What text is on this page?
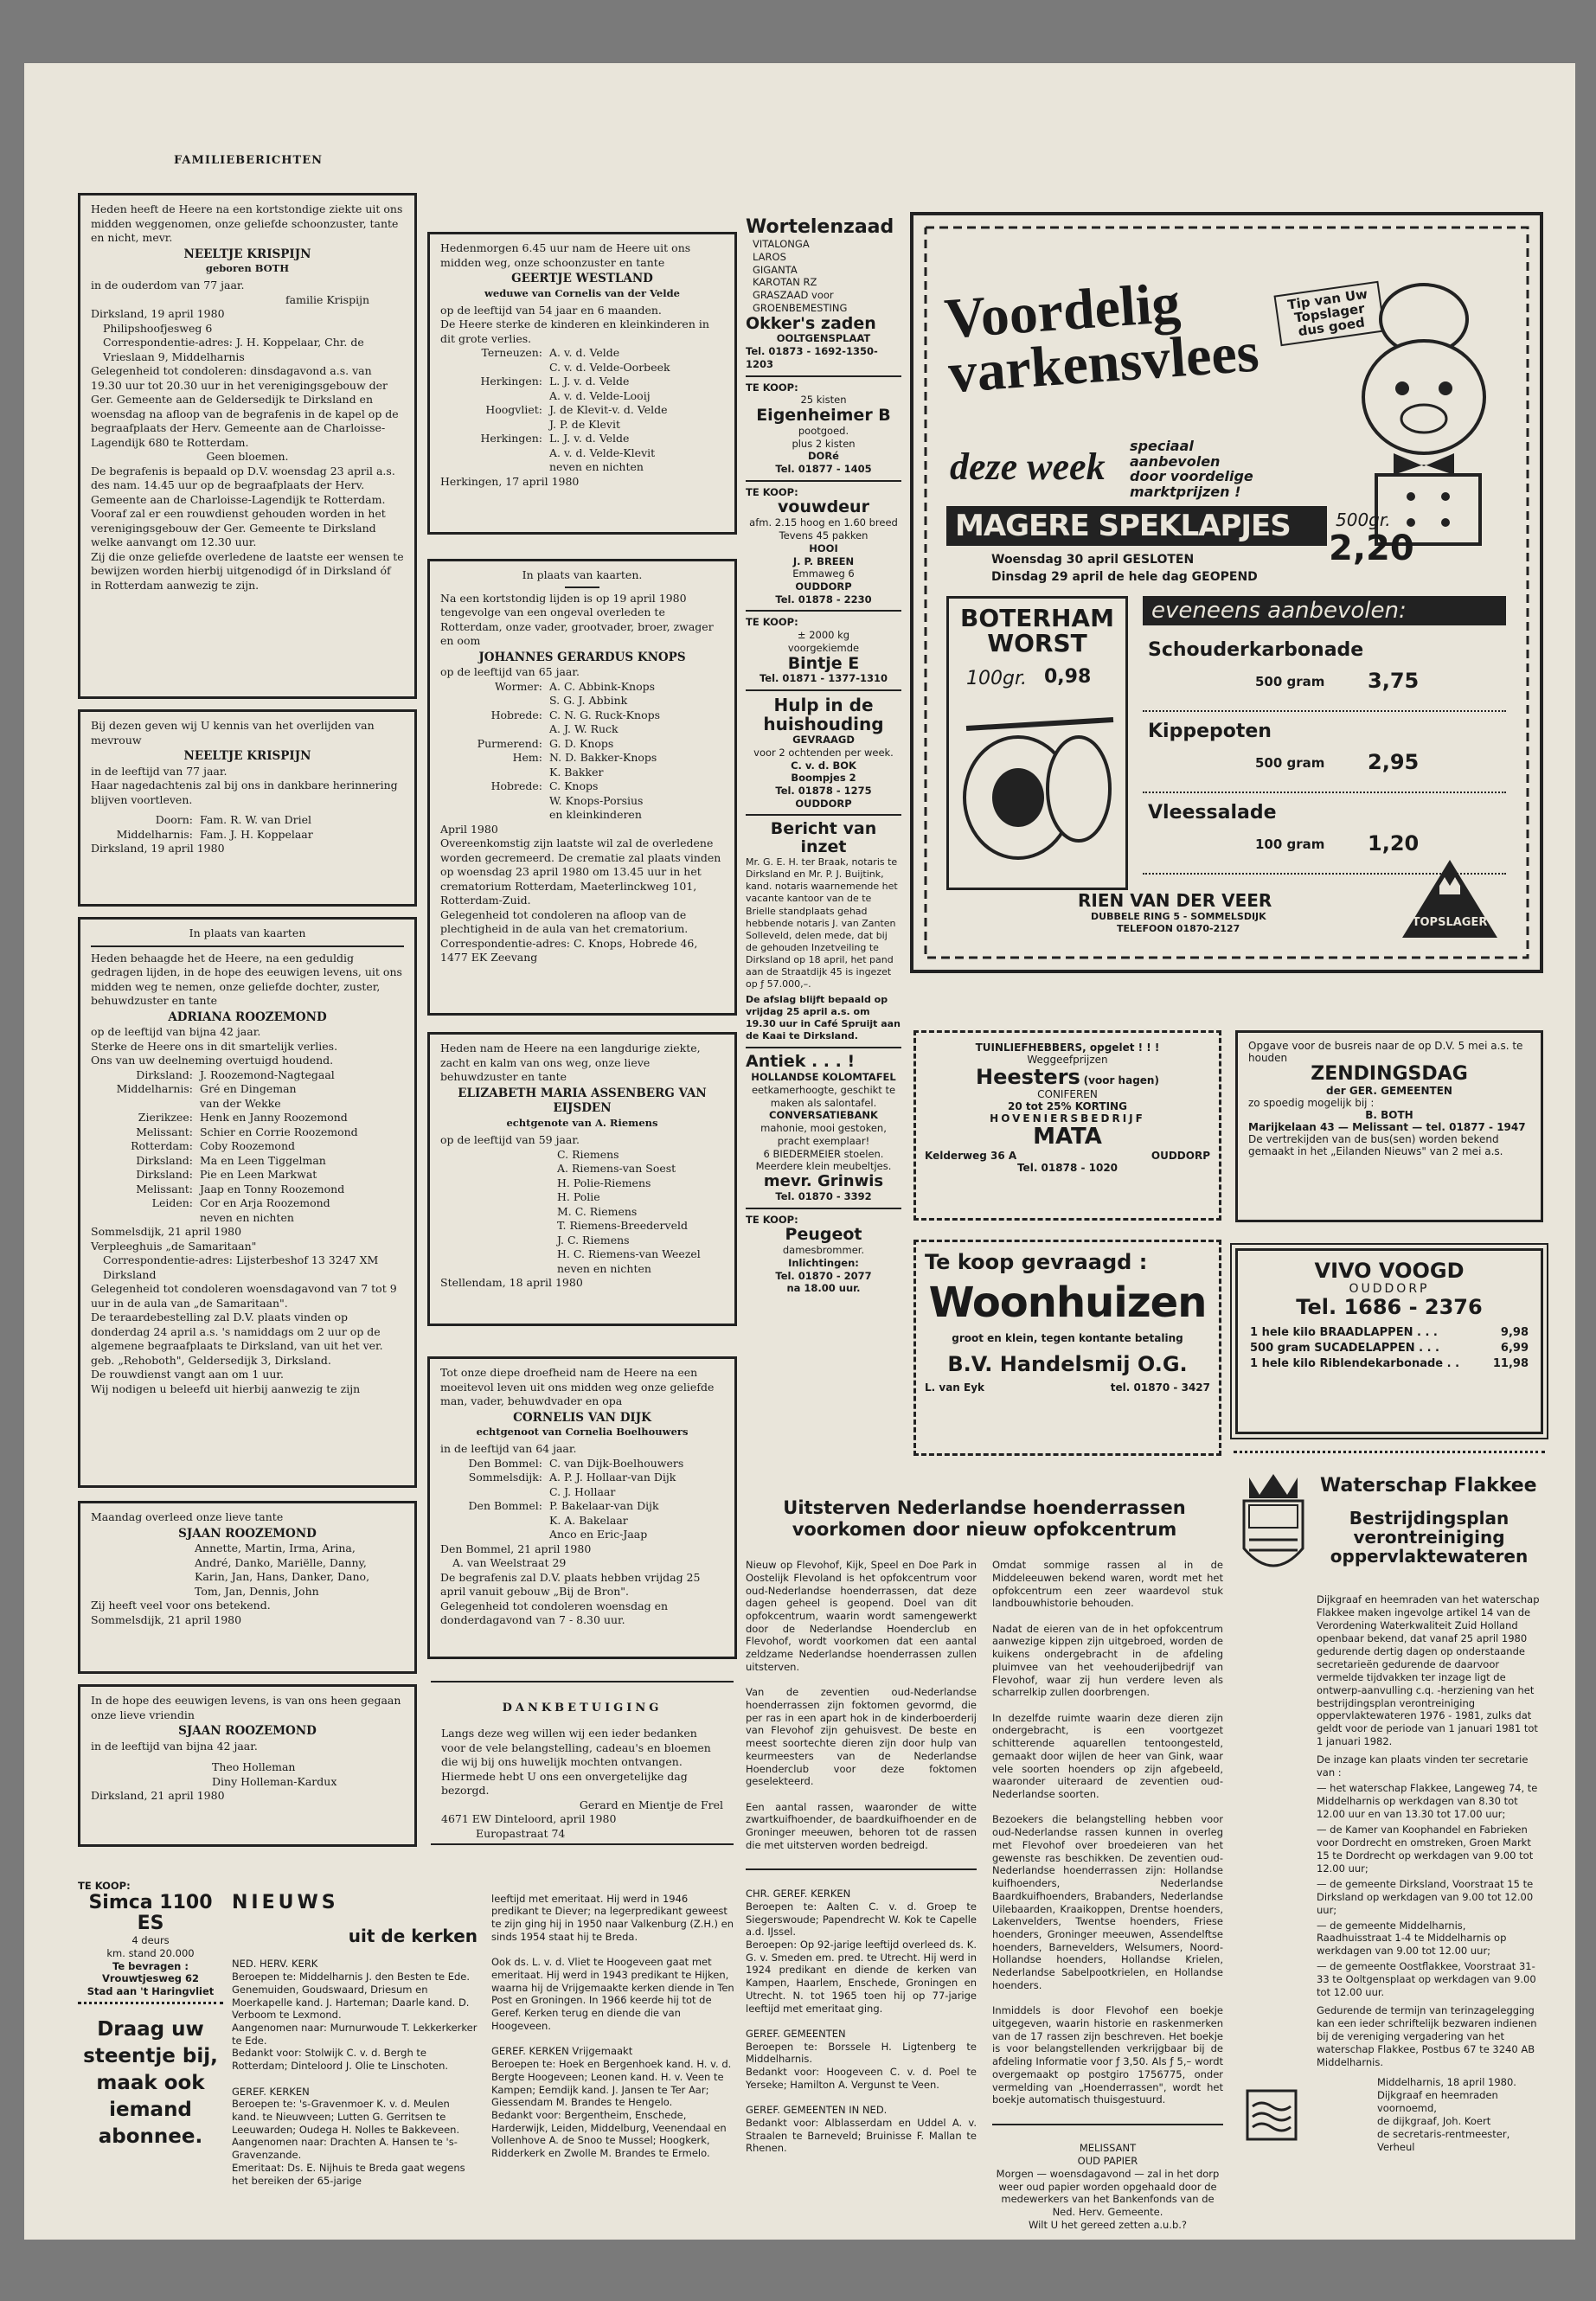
FAMILIEBERICHTEN

Heden heeft de Heere na een kortstondige ziekte uit ons midden weggenomen, onze geliefde schoonzuster, tante en nicht, mevr.

NEELTJE KRISPIJN

geboren BOTH

in de ouderdom van 77 jaar.

familie Krispijn

Dirksland, 19 april 1980

Philipshoofjesweg 6

Correspondentie-adres: J. H. Koppelaar, Chr. de Vrieslaan 9, Middelharnis

Gelegenheid tot condoleren: dinsdagavond a.s. van 19.30 uur tot 20.30 uur in het verenigingsgebouw der Ger. Gemeente aan de Geldersedijk te Dirksland en woensdag na afloop van de begrafenis in de kapel op de begraafplaats der Herv. Gemeente aan de Charloisse-Lagendijk 680 te Rotterdam.

Geen bloemen.

De begrafenis is bepaald op D.V. woensdag 23 april a.s. des nam. 14.45 uur op de begraafplaats der Herv. Gemeente aan de Charloisse-Lagendijk te Rotterdam. Vooraf zal er een rouwdienst gehouden worden in het verenigingsgebouw der Ger. Gemeente te Dirksland welke aanvangt om 12.30 uur.

Zij die onze geliefde overledene de laatste eer wensen te bewijzen worden hierbij uitgenodigd óf in Dirksland óf in Rotterdam aanwezig te zijn.

Bij dezen geven wij U kennis van het overlijden van mevrouw

NEELTJE KRISPIJN

in de leeftijd van 77 jaar.

Haar nagedachtenis zal bij ons in dankbare herinnering blijven voortleven.

Doorn: Fam. R. W. van Driel
Middelharnis: Fam. J. H. Koppelaar

Dirksland, 19 april 1980

In plaats van kaarten

Heden behaagde het de Heere, na een geduldig gedragen lijden, in de hope des eeuwigen levens, uit ons midden weg te nemen, onze geliefde dochter, zuster, behuwdzuster en tante

ADRIANA ROOZEMOND

op de leeftijd van bijna 42 jaar.

Sterke de Heere ons in dit smartelijk verlies.

Ons van uw deelneming overtuigd houdend.

Dirksland: J. Roozemond-Nagtegaal
Middelharnis: Gré en Dingeman
van der Wekke
Zierikzee: Henk en Janny Roozemond
Melissant: Schier en Corrie Roozemond
Rotterdam: Coby Roozemond
Dirksland: Ma en Leen Tiggelman
Dirksland: Pie en Leen Markwat
Melissant: Jaap en Tonny Roozemond
Leiden: Cor en Arja Roozemond
neven en nichten

Sommelsdijk, 21 april 1980

Verpleeghuis „de Samaritaan"

Correspondentie-adres: Lijsterbeshof 13 3247 XM Dirksland

Gelegenheid tot condoleren woensdagavond van 7 tot 9 uur in de aula van „de Samaritaan".

De teraardebestelling zal D.V. plaats vinden op donderdag 24 april a.s. 's namiddags om 2 uur op de algemene begraafplaats te Dirksland, van uit het ver. geb. „Rehoboth", Geldersedijk 3, Dirksland.

De rouwdienst vangt aan om 1 uur.

Wij nodigen u beleefd uit hierbij aanwezig te zijn

Maandag overleed onze lieve tante

SJAAN ROOZEMOND

Annette, Martin, Irma, Arina, André, Danko, Mariëlle, Danny, Karin, Jan, Hans, Danker, Dano, Tom, Jan, Dennis, John

Zij heeft veel voor ons betekend.

Sommelsdijk, 21 april 1980

In de hope des eeuwigen levens, is van ons heen gegaan onze lieve vriendin

SJAAN ROOZEMOND

in de leeftijd van bijna 42 jaar.

Theo Holleman

Diny Holleman-Kardux

Dirksland, 21 april 1980

Hedenmorgen 6.45 uur nam de Heere uit ons midden weg, onze schoonzuster en tante

GEERTJE WESTLAND

weduwe van Cornelis van der Velde

op de leeftijd van 54 jaar en 6 maanden.

De Heere sterke de kinderen en kleinkinderen in dit grote verlies.

Terneuzen: A. v. d. Velde
C. v. d. Velde-Oorbeek
Herkingen: L. J. v. d. Velde
A. v. d. Velde-Looij
Hoogvliet: J. de Klevit-v. d. Velde
J. P. de Klevit
Herkingen: L. J. v. d. Velde
A. v. d. Velde-Klevit
neven en nichten

Herkingen, 17 april 1980

In plaats van kaarten.

Na een kortstondig lijden is op 19 april 1980 tengevolge van een ongeval overleden te Rotterdam, onze vader, grootvader, broer, zwager en oom

JOHANNES GERARDUS KNOPS

op de leeftijd van 65 jaar.

Wormer: A. C. Abbink-Knops
S. G. J. Abbink
Hobrede: C. N. G. Ruck-Knops
A. J. W. Ruck
Purmerend: G. D. Knops
Hem: N. D. Bakker-Knops
K. Bakker
Hobrede: C. Knops
W. Knops-Porsius
en kleinkinderen

April 1980

Overeenkomstig zijn laatste wil zal de overledene worden gecremeerd. De crematie zal plaats vinden op woensdag 23 april 1980 om 13.45 uur in het crematorium Rotterdam, Maeterlinckweg 101, Rotterdam-Zuid.

Gelegenheid tot condoleren na afloop van de plechtigheid in de aula van het crematorium.

Correspondentie-adres: C. Knops, Hobrede 46, 1477 EK Zeevang

Heden nam de Heere na een langdurige ziekte, zacht en kalm van ons weg, onze lieve behuwdzuster en tante

ELIZABETH MARIA ASSENBERG VAN EIJSDEN

echtgenote van A. Riemens

op de leeftijd van 59 jaar.

C. Riemens
A. Riemens-van Soest
H. Polie-Riemens
H. Polie
M. C. Riemens
T. Riemens-Breederveld
J. C. Riemens
H. C. Riemens-van Weezel
neven en nichten

Stellendam, 18 april 1980

Tot onze diepe droefheid nam de Heere na een moeitevol leven uit ons midden weg onze geliefde man, vader, behuwdvader en opa

CORNELIS VAN DIJK

echtgenoot van Cornelia Boelhouwers

in de leeftijd van 64 jaar.

Den Bommel: C. van Dijk-Boelhouwers
Sommelsdijk: A. P. J. Hollaar-van Dijk
C. J. Hollaar
Den Bommel: P. Bakelaar-van Dijk
K. A. Bakelaar
Anco en Eric-Jaap

Den Bommel, 21 april 1980

A. van Weelstraat 29

De begrafenis zal D.V. plaats hebben vrijdag 25 april vanuit gebouw „Bij de Bron".

Gelegenheid tot condoleren woensdag en donderdagavond van 7 - 8.30 uur.

DANKBETUIGING

Langs deze weg willen wij een ieder bedanken voor de vele belangstelling, cadeau's en bloemen die wij bij ons huwelijk mochten ontvangen.

Hiermede hebt U ons een onvergetelijke dag bezorgd.

Gerard en Mientje de Frel

4671 EW Dinteloord, april 1980

Europastraat 74

Wortelenzaad
VITALONGA
LAROS
GIGANTA
KAROTAN RZ
GRASZAAD voor
GROENBEMESTING
Okker's zaden
OOLTGENSPLAAT
Tel. 01873 - 1692-1350-1203
TE KOOP:
25 kisten
Eigenheimer B
pootgoed.
plus 2 kisten
DORé
Tel. 01877 - 1405
TE KOOP:
vouwdeur
afm. 2.15 hoog en 1.60 breed
Tevens 45 pakken
HOOI
J. P. BREEN
Emmaweg 6
OUDDORP
Tel. 01878 - 2230
TE KOOP:
± 2000 kg
voorgekiemde
Bintje E
Tel. 01871 - 1377-1310
Hulp in de huishouding
GEVRAAGD
voor 2 ochtenden per week.
C. v. d. BOK
Boompjes 2
Tel. 01878 - 1275
OUDDORP
Bericht van inzet
Mr. G. E. H. ter Braak, notaris te Dirksland en Mr. P. J. Buijtink, kand. notaris waarnemende het vacante kantoor van de te Brielle standplaats gehad hebbende notaris J. van Zanten Solleveld, delen mede, dat bij de gehouden Inzetveiling te Dirksland op 18 april, het pand aan de Straatdijk 45 is ingezet op ƒ 57.000,–.
De afslag blijft bepaald op vrijdag 25 april a.s. om 19.30 uur in Café Spruijt aan de Kaai te Dirksland.
Antiek . . . !
HOLLANDSE KOLOMTAFEL
eetkamerhoogte, geschikt te maken als salontafel.
CONVERSATIEBANK
mahonie, mooi gestoken, pracht exemplaar!
6 BIEDERMEIER stoelen.
Meerdere klein meubeltjes.
mevr. Grinwis
Tel. 01870 - 3392
TE KOOP:
Peugeot
damesbrommer.
Inlichtingen:
Tel. 01870 - 2077
na 18.00 uur.
Voordelig varkensvlees
deze week speciaal aanbevolen door voordelige marktprijzen !
Tip van Uw Topslager dus goed
MAGERE SPEKLAPJES	500gr.
2,20
Woensdag 30 april GESLOTEN
Dinsdag 29 april de hele dag GEOPEND
BOTERHAM
WORST
100gr. 0,98
eveneens aanbevolen:
Schouderkarbonade
500 gram 3,75
Kippepoten
500 gram 2,95
Vleessalade
100 gram 1,20
RIEN VAN DER VEER
DUBBELE RING 5 - SOMMELSDIJK
TELEFOON 01870-2127	TOPSLAGER
TUINLIEFHEBBERS, opgelet ! ! !
Weggeefprijzen
Heesters (voor hagen)
CONIFEREN
20 tot 25% KORTING
HOVENIERSBEDRIJF
MATA
Kelderweg 36 A	OUDDORP
Tel. 01878 - 1020
Opgave voor de busreis naar de op D.V. 5 mei a.s. te houden
ZENDINGSDAG
der GER. GEMEENTEN
zo spoedig mogelijk bij :
B. BOTH
Marijkelaan 43 — Melissant — tel. 01877 - 1947
De vertrekijden van de bus(sen) worden bekend gemaakt in het „Eilanden Nieuws" van 2 mei a.s.
Te koop gevraagd :
Woonhuizen
groot en klein, tegen kontante betaling
B.V. Handelsmij O.G.
L. van Eyk	tel. 01870 - 3427
VIVO VOOGD
OUDDORP
Tel. 1686 - 2376
1 hele kilo BRAADLAPPEN . . .	9,98
500 gram SUCADELAPPEN . . .	6,99
1 hele kilo Riblendekarbonade . .	11,98
Waterschap Flakkee
Bestrijdingsplan verontreiniging oppervlaktewateren
Dijkgraaf en heemraden van het waterschap Flakkee maken ingevolge artikel 14 van de Verordening Waterkwaliteit Zuid Holland openbaar bekend, dat vanaf 25 april 1980 gedurende dertig dagen op onderstaande secretarieën gedurende de daarvoor vermelde tijdvakken ter inzage ligt de ontwerp-aanvulling c.q. -herziening van het bestrijdingsplan verontreiniging oppervlaktewateren 1976 - 1981, zulks dat geldt voor de periode van 1 januari 1981 tot 1 januari 1982.
De inzage kan plaats vinden ter secretarie van :
— het waterschap Flakkee, Langeweg 74, te Middelharnis op werkdagen van 8.30 tot 12.00 uur en van 13.30 tot 17.00 uur;
— de Kamer van Koophandel en Fabrieken voor Dordrecht en omstreken, Groen Markt 15 te Dordrecht op werkdagen van 9.00 tot 12.00 uur;
— de gemeente Dirksland, Voorstraat 15 te Dirksland op werkdagen van 9.00 tot 12.00 uur;
— de gemeente Middelharnis, Raadhuisstraat 1-4 te Middelharnis op werkdagen van 9.00 tot 12.00 uur;
— de gemeente Oostflakkee, Voorstraat 31-33 te Ooltgensplaat op werkdagen van 9.00 tot 12.00 uur.
Gedurende de termijn van terinzagelegging kan een ieder schriftelijk bezwaren indienen bij de vereniging vergadering van het waterschap Flakkee, Postbus 67 te 3240 AB Middelharnis.
Middelharnis, 18 april 1980.
Dijkgraaf en heemraden voornoemd,
de dijkgraaf, Joh. Koert
de secretaris-rentmeester, Verheul
Uitsterven Nederlandse hoenderrassen voorkomen door nieuw opfokcentrum

Nieuw op Flevohof, Kijk, Speel en Doe Park in Oostelijk Flevoland is het opfokcentrum voor oud-Nederlandse hoenderrassen, dat deze dagen geheel is geopend. Doel van dit opfokcentrum, waarin wordt samengewerkt door de Nederlandse Hoenderclub en Flevohof, wordt voorkomen dat een aantal zeldzame Nederlandse hoenderrassen zullen uitsterven.

Van de zeventien oud-Nederlandse hoenderrassen zijn foktomen gevormd, die per ras in een apart hok in de kinderboerderij van Flevohof zijn gehuisvest. De beste en meest soortechte dieren zijn door hulp van keurmeesters van de Nederlandse Hoenderclub voor deze foktomen geselekteerd.

Een aantal rassen, waaronder de witte zwartkuifhoender, de baardkuifhoender en de Groninger meeuwen, behoren tot de rassen die met uitsterven worden bedreigd.

CHR. GEREF. KERKEN
Beroepen te: Aalten C. v. d. Groep te Siegerswoude; Papendrecht W. Kok te Capelle a.d. IJssel.
Beroepen: Op 92-jarige leeftijd overleed ds. K. G. v. Smeden em. pred. te Utrecht. Hij werd in 1924 predikant en diende de kerken van Kampen, Haarlem, Enschede, Groningen en Utrecht. N. tot 1965 toen hij op 77-jarige leeftijd met emeritaat ging.

GEREF. GEMEENTEN
Beroepen te: Borssele H. Ligtenberg te Middelharnis.
Bedankt voor: Hoogeveen C. v. d. Poel te Yerseke; Hamilton A. Vergunst te Veen.

GEREF. GEMEENTEN IN NED.
Bedankt voor: Alblasserdam en Uddel A. v. Straalen te Barneveld; Bruinisse F. Mallan te Rhenen.

Omdat sommige rassen al in de Middeleeuwen bekend waren, wordt met het opfokcentrum een zeer waardevol stuk landbouwhistorie behouden.

Nadat de eieren van de in het opfokcentrum aanwezige kippen zijn uitgebroed, worden de kuikens ondergebracht in de afdeling pluimvee van het veehouderijbedrijf van Flevohof, waar zij hun verdere leven als scharrelkip zullen doorbrengen.

In dezelfde ruimte waarin deze dieren zijn ondergebracht, is een voortgezet schitterende aquarellen tentoongesteld, gemaakt door wijlen de heer van Gink, waar vele soorten hoenders op zijn afgebeeld, waaronder uiteraard de zeventien oud-Nederlandse soorten.

Bezoekers die belangstelling hebben voor oud-Nederlandse rassen kunnen in overleg met Flevohof over broedeieren van het gewenste ras beschikken. De zeventien oud-Nederlandse hoenderrassen zijn: Hollandse kuifhoenders, Nederlandse Baardkuifhoenders, Brabanders, Nederlandse Uilebaarden, Kraaikoppen, Drentse hoenders, Lakenvelders, Twentse hoenders, Friese hoenders, Groninger meeuwen, Assendelftse hoenders, Barnevelders, Welsumers, Noord-Hollandse hoenders, Hollandse Krielen, Nederlandse Sabelpootkrielen, en Hollandse hoenders.

Inmiddels is door Flevohof een boekje uitgegeven, waarin historie en raskenmerken van de 17 rassen zijn beschreven. Het boekje is voor belangstellenden verkrijgbaar bij de afdeling Informatie voor ƒ 3,50. Als ƒ 5,– wordt overgemaakt op postgiro 1756775, onder vermelding van „Hoenderrassen", wordt het boekje automatisch thuisgestuurd.

MELISSANT
OUD PAPIER
Morgen — woensdagavond — zal in het dorp weer oud papier worden opgehaald door de medewerkers van het Bankenfonds van de Ned. Herv. Gemeente.
Wilt U het gereed zetten a.u.b.?

TE KOOP:
Simca 1100 ES
4 deurs
km. stand 20.000
Te bevragen :
Vrouwtjesweg 62
Stad aan 't Haringvliet
Draag uw steentje bij, maak ook iemand abonnee.

NIEUWS

uit de kerken

NED. HERV. KERK
Beroepen te: Middelharnis J. den Besten te Ede. Genemuiden, Goudswaard, Driesum en Moerkapelle kand. J. Harteman; Daarle kand. D. Verboom te Lexmond.
Aangenomen naar: Murnurwoude T. Lekkerkerker te Ede.
Bedankt voor: Stolwijk C. v. d. Bergh te Rotterdam; Dinteloord J. Olie te Linschoten.

GEREF. KERKEN
Beroepen te: 's-Gravenmoer K. v. d. Meulen kand. te Nieuwveen; Lutten G. Gerritsen te Leeuwarden; Oudega H. Nolles te Bakkeveen.
Aangenomen naar: Drachten A. Hansen te 's-Gravenzande.
Emeritaat: Ds. E. Nijhuis te Breda gaat wegens het bereiken der 65-jarige

leeftijd met emeritaat. Hij werd in 1946 predikant te Diever; na legerpredikant geweest te zijn ging hij in 1950 naar Valkenburg (Z.H.) en sinds 1954 staat hij te Breda.

Ook ds. L. v. d. Vliet te Hoogeveen gaat met emeritaat. Hij werd in 1943 predikant te Hijken, waarna hij de Vrijgemaakte kerken diende in Ten Post en Groningen. In 1966 keerde hij tot de Geref. Kerken terug en diende die van Hoogeveen.

GEREF. KERKEN Vrijgemaakt
Beroepen te: Hoek en Bergenhoek kand. H. v. d. Bergte Hoogeveen; Leonen kand. H. v. Veen te Kampen; Eemdijk kand. J. Jansen te Ter Aar; Giessendam M. Brandes te Hengelo.
Bedankt voor: Bergentheim, Enschede, Harderwijk, Leiden, Middelburg, Veenendaal en Vollenhove A. de Snoo te Mussel; Hoogkerk, Ridderkerk en Zwolle M. Brandes te Ermelo.
